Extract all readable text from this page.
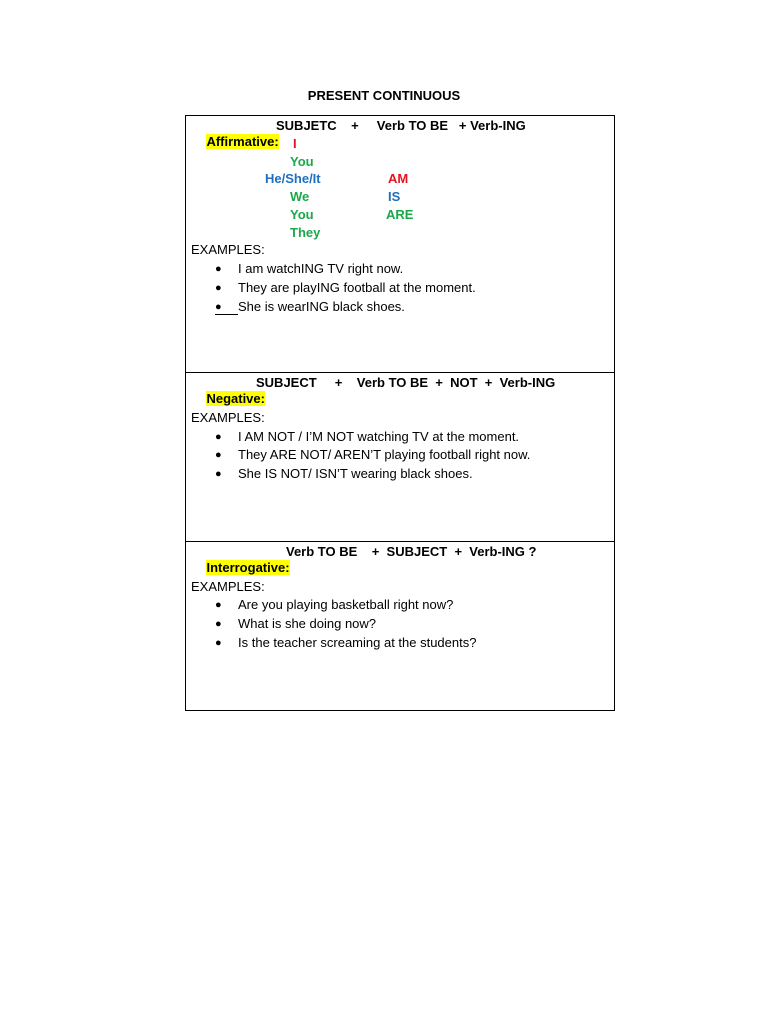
PRESENT CONTINUOUS

Affirmative:

SUBJETC    +     Verb TO BE   + Verb-ING
I
You
He/She/It	AM
We	IS
You	ARE
They
EXAMPLES:
● I am watchING TV right now.
● They are playING football at the moment.
● She is wearING black shoes.

Negative:

SUBJECT     +    Verb TO BE  +  NOT  +  Verb-ING
EXAMPLES:
● I AM NOT / I’M NOT watching TV at the moment.
● They ARE NOT/ AREN’T playing football right now.
● She IS NOT/ ISN’T wearing black shoes.

Interrogative:

Verb TO BE    +  SUBJECT  +  Verb-ING ?
EXAMPLES:
● Are you playing basketball right now?
● What is she doing now?
● Is the teacher screaming at the students?
